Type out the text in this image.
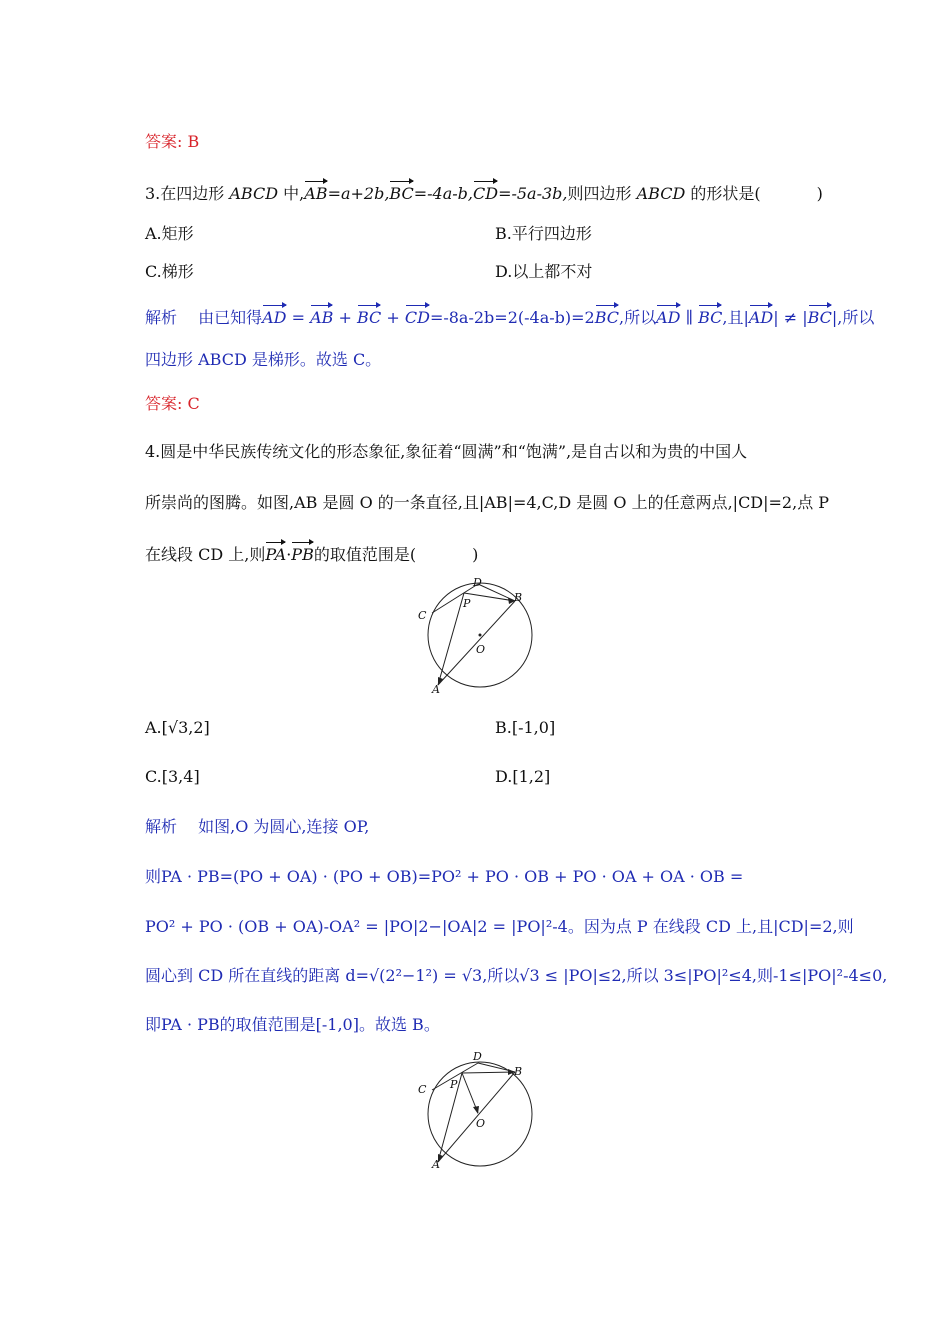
答案: B
3.在四边形 ABCD 中,AB=a+2b,BC=-4a-b,CD=-5a-3b,则四边形 ABCD 的形状是(	)
A.矩形	B.平行四边形
C.梯形	D.以上都不对
解析 由已知得AD = AB + BC + CD=-8a-2b=2(-4a-b)=2BC,所以AD ∥ BC,且|AD| ≠ |BC|,所以
四边形 ABCD 是梯形。故选 C。
答案: C
4.圆是中华民族传统文化的形态象征,象征着“圆满”和“饱满”,是自古以和为贵的中国人
所崇尚的图腾。如图,AB 是圆 O 的一条直径,且|AB|=4,C,D 是圆 O 上的任意两点,|CD|=2,点 P
在线段 CD 上,则PA·PB的取值范围是(	)
C
D
P	B
O
A
A.[√3,2]	B.[-1,0]
C.[3,4]	D.[1,2]
解析 如图,O 为圆心,连接 OP,
则PA · PB=(PO + OA) · (PO + OB)=PO² + PO · OB + PO · OA + OA · OB =
PO² + PO · (OB + OA)-OA² = |PO|2−|OA|2 = |PO|²-4。因为点 P 在线段 CD 上,且|CD|=2,则
圆心到 CD 所在直线的距离 d=√(2²−1²) = √3,所以√3 ≤ |PO|≤2,所以 3≤|PO|²≤4,则-1≤|PO|²-4≤0,
即PA · PB的取值范围是[-1,0]。故选 B。
C
D
P
B
O
A
